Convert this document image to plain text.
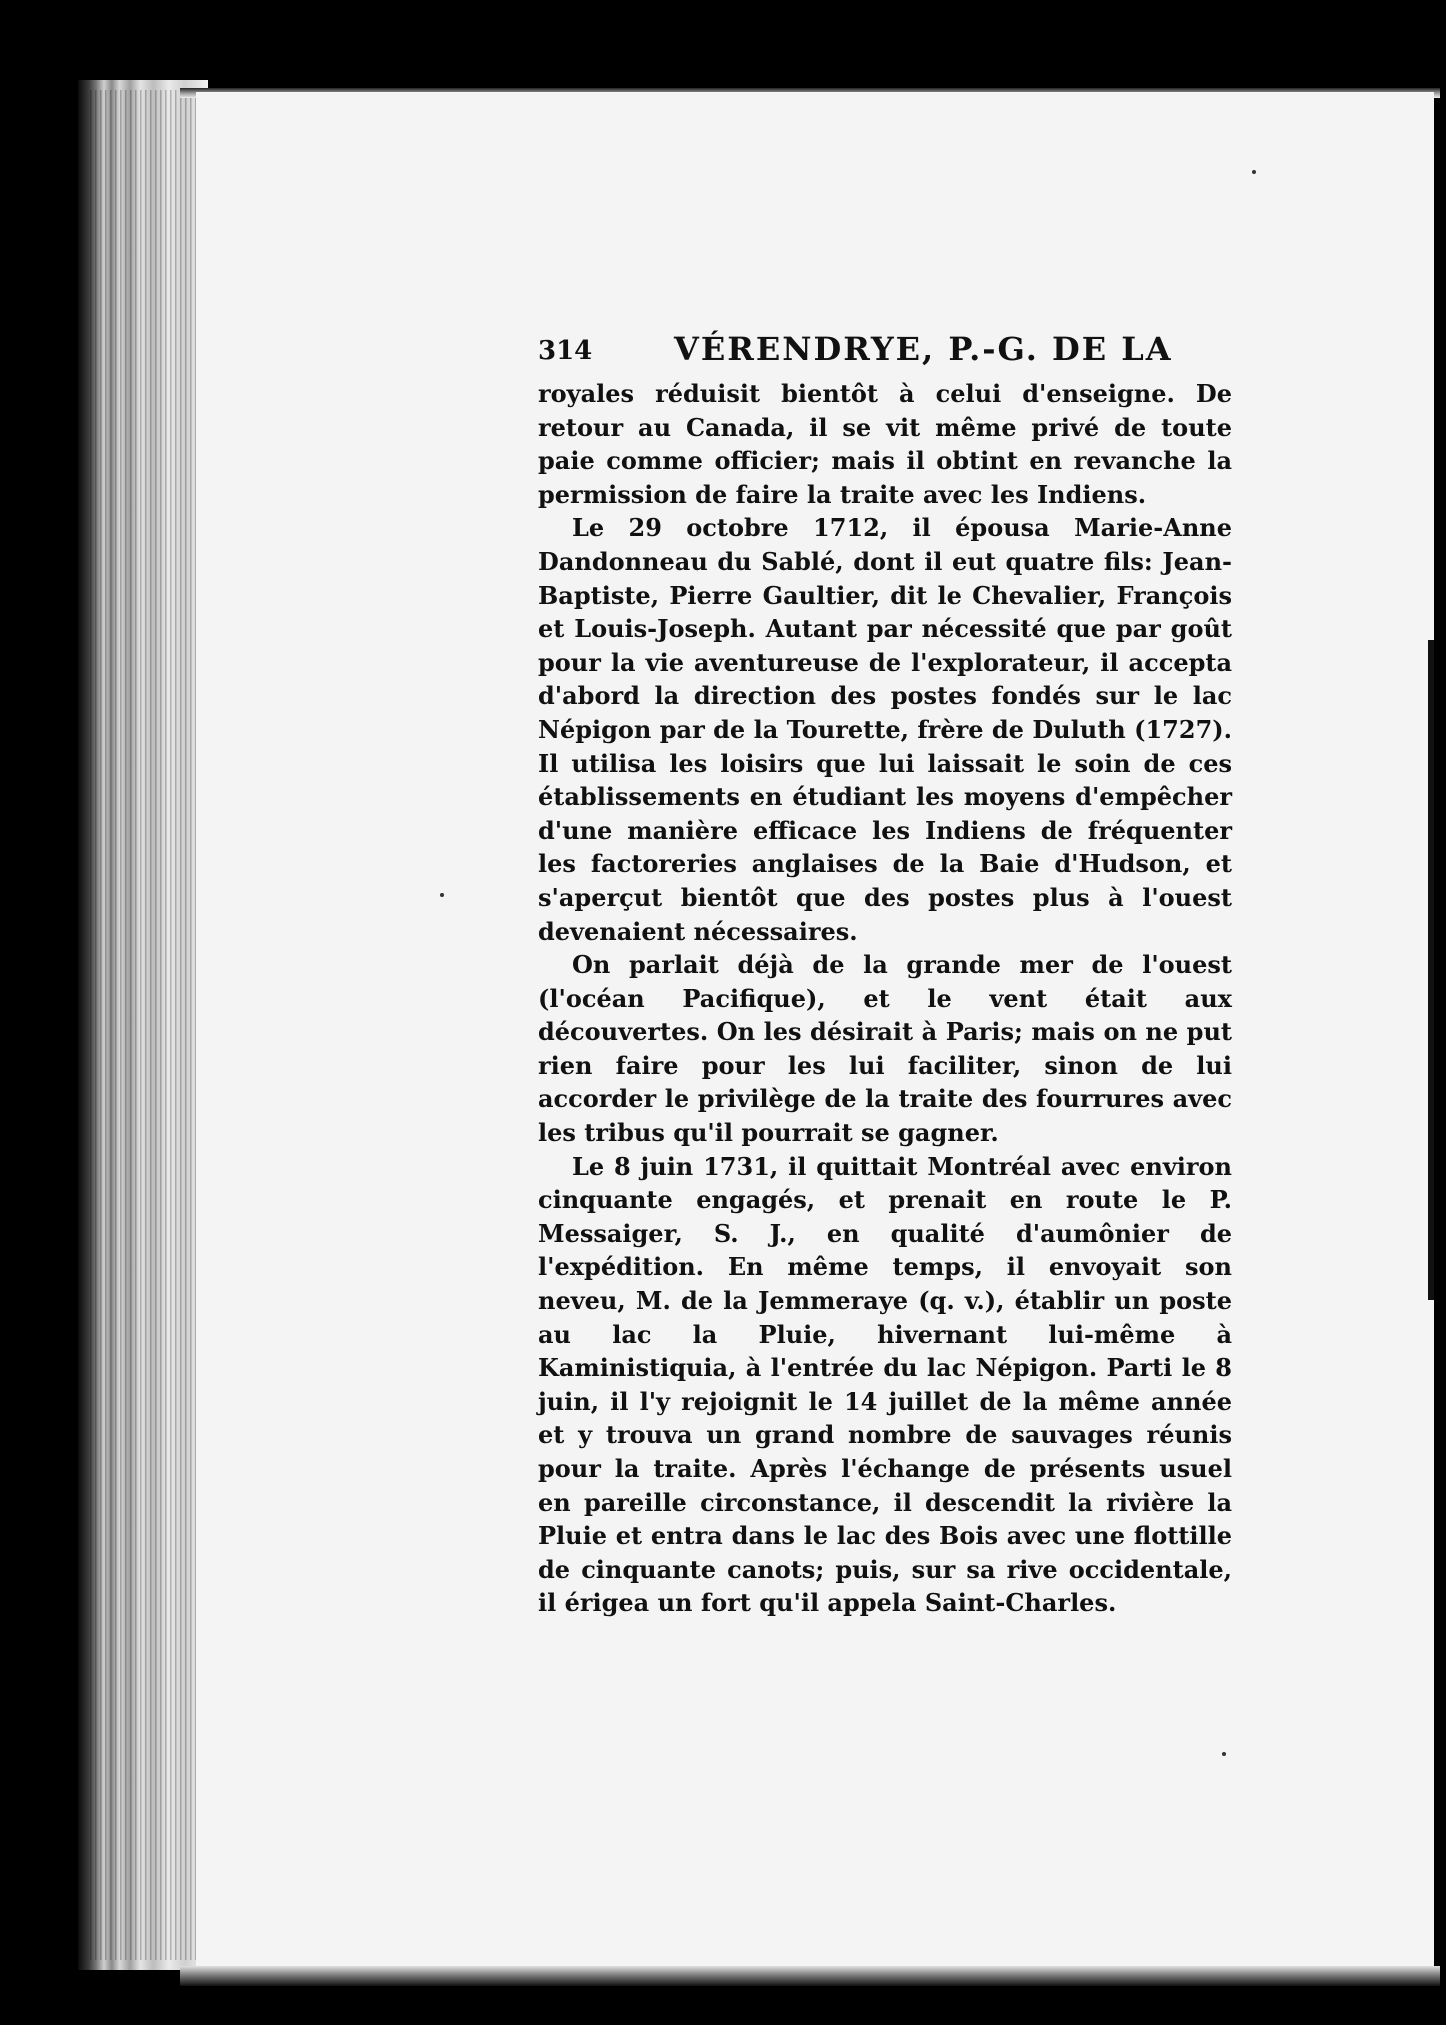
314	VÉRENDRYE, P.-G. DE LA

royales réduisit bientôt à celui d'enseigne. De retour au Canada, il se vit même privé de toute paie comme officier; mais il obtint en revanche la permission de faire la traite avec les Indiens.

Le 29 octobre 1712, il épousa Marie-Anne Dandonneau du Sablé, dont il eut quatre fils: Jean-Baptiste, Pierre Gaultier, dit le Chevalier, François et Louis-Joseph. Autant par nécessité que par goût pour la vie aventureuse de l'explorateur, il accepta d'abord la direction des postes fondés sur le lac Népigon par de la Tourette, frère de Duluth (1727). Il utilisa les loisirs que lui laissait le soin de ces établissements en étudiant les moyens d'empêcher d'une manière efficace les Indiens de fréquenter les factoreries anglaises de la Baie d'Hudson, et s'aperçut bientôt que des postes plus à l'ouest devenaient nécessaires.

On parlait déjà de la grande mer de l'ouest (l'océan Pacifique), et le vent était aux découvertes. On les désirait à Paris; mais on ne put rien faire pour les lui faciliter, sinon de lui accorder le privilège de la traite des fourrures avec les tribus qu'il pourrait se gagner.

Le 8 juin 1731, il quittait Montréal avec environ cinquante engagés, et prenait en route le P. Messaiger, S. J., en qualité d'aumônier de l'expédition. En même temps, il envoyait son neveu, M. de la Jemmeraye (q. v.), établir un poste au lac la Pluie, hivernant lui-même à Kaministiquia, à l'entrée du lac Népigon. Parti le 8 juin, il l'y rejoignit le 14 juillet de la même année et y trouva un grand nombre de sauvages réunis pour la traite. Après l'échange de présents usuel en pareille circonstance, il descendit la rivière la Pluie et entra dans le lac des Bois avec une flottille de cinquante canots; puis, sur sa rive occidentale, il érigea un fort qu'il appela Saint-Charles.
